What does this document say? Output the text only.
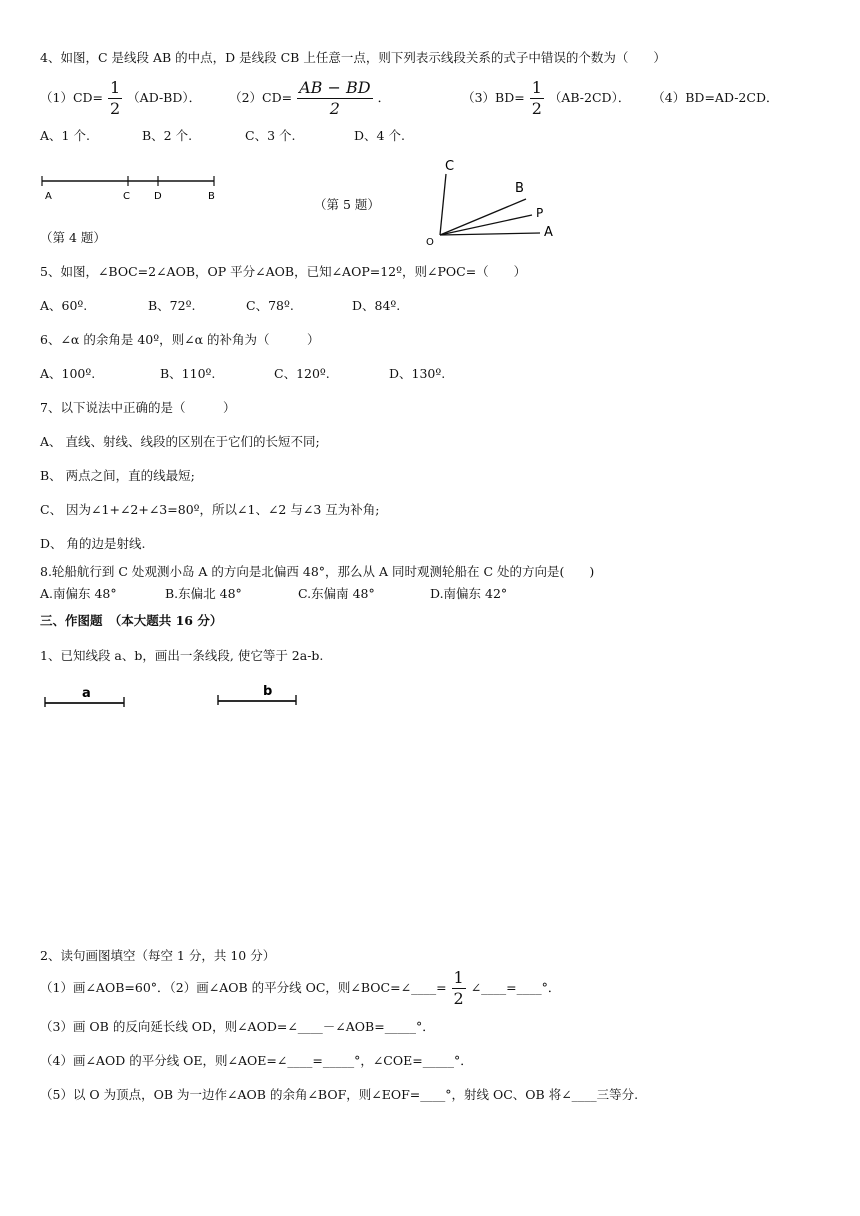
4、如图，C 是线段 AB 的中点，D 是线段 CB 上任意一点，则下列表示线段关系的式子中错误的个数为（　　）
$(1)CD= \frac{1}{2} (AD-BD)$． $(2)CD= \frac{AB - BD}{2}$ ．	$(3)BD= \frac{1}{2} (AB-2CD)$． （4）BD=AD-2CD．
A、1 个.	B、2 个.	C、3 个.	D、4 个.
A	C D	B
（第 5 题）
（第 4 题）
C
B
P
A
O
5、如图，∠BOC=2∠AOB，OP 平分∠AOB，已知∠AOP=12º，则∠POC=（　　）
A、60º.	B、72º.	C、78º.	D、84º.
6、∠α 的余角是 40º，则∠α 的补角为（　　　）
A、100º.	B、110º.	C、120º.	D、130º.
7、以下说法中正确的是（　　　）
A、 直线、射线、线段的区别在于它们的长短不同;
B、 两点之间，直的线最短;
C、 因为∠1+∠2+∠3=80º，所以∠1、∠2 与∠3 互为补角;
D、 角的边是射线.
8.轮船航行到 C 处观测小岛 A 的方向是北偏西 48°，那么从 A 同时观测轮船在 C 处的方向是(　　)
A.南偏东 48°	B.东偏北 48°	C.东偏南 48°	D.南偏东 42°
三、作图题　（本大题共 16 分）
1、已知线段 a、b，画出一条线段, 使它等于 2a-b.
a	b
2、读句画图填空（每空 1 分，共 10 分）
（1）画∠AOB=60°．（2）画∠AOB 的平分线 OC，则∠BOC=∠____= $\frac{1}{2}$ ∠____=____°．
（3）画 OB 的反向延长线 OD，则∠AOD=∠____－∠AOB=_____°．
（4）画∠AOD 的平分线 OE，则∠AOE=∠____=_____°，∠COE=_____°．
（5）以 O 为顶点，OB 为一边作∠AOB 的余角∠BOF，则∠EOF=____°，射线 OC、OB 将∠____三等分.
